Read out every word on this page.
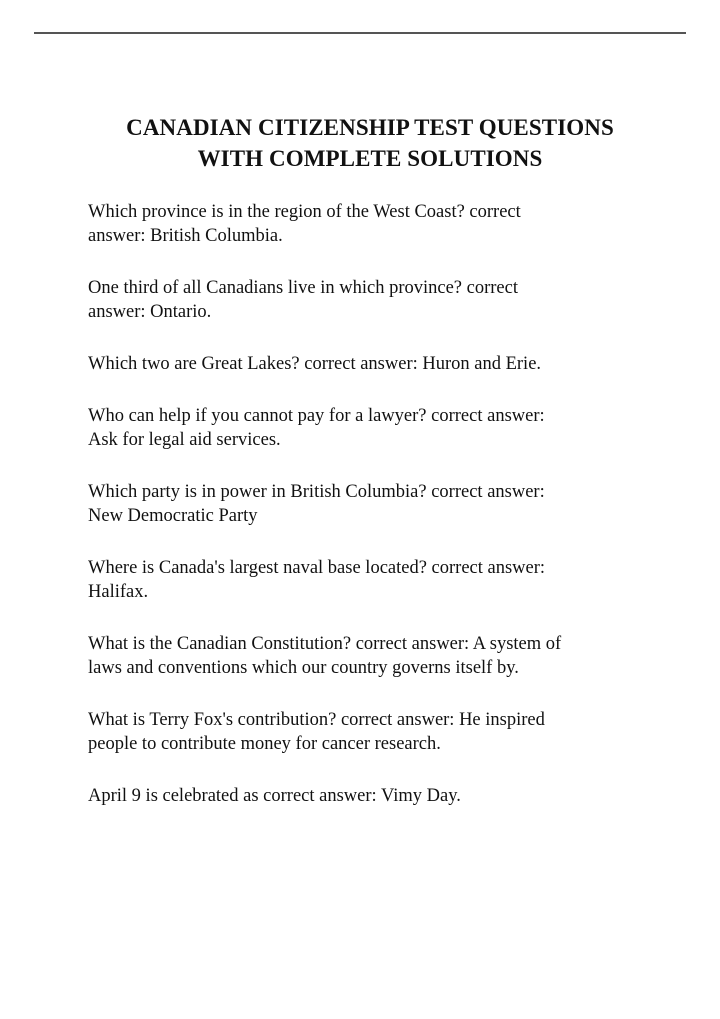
CANADIAN CITIZENSHIP TEST QUESTIONS
WITH COMPLETE SOLUTIONS
Which province is in the region of the West Coast? correct
answer: British Columbia.
One third of all Canadians live in which province? correct
answer: Ontario.
Which two are Great Lakes? correct answer: Huron and Erie.
Who can help if you cannot pay for a lawyer? correct answer:
Ask for legal aid services.
Which party is in power in British Columbia? correct answer:
New Democratic Party
Where is Canada's largest naval base located? correct answer:
Halifax.
What is the Canadian Constitution? correct answer: A system of
laws and conventions which our country governs itself by.
What is Terry Fox's contribution? correct answer: He inspired
people to contribute money for cancer research.
April 9 is celebrated as correct answer: Vimy Day.
